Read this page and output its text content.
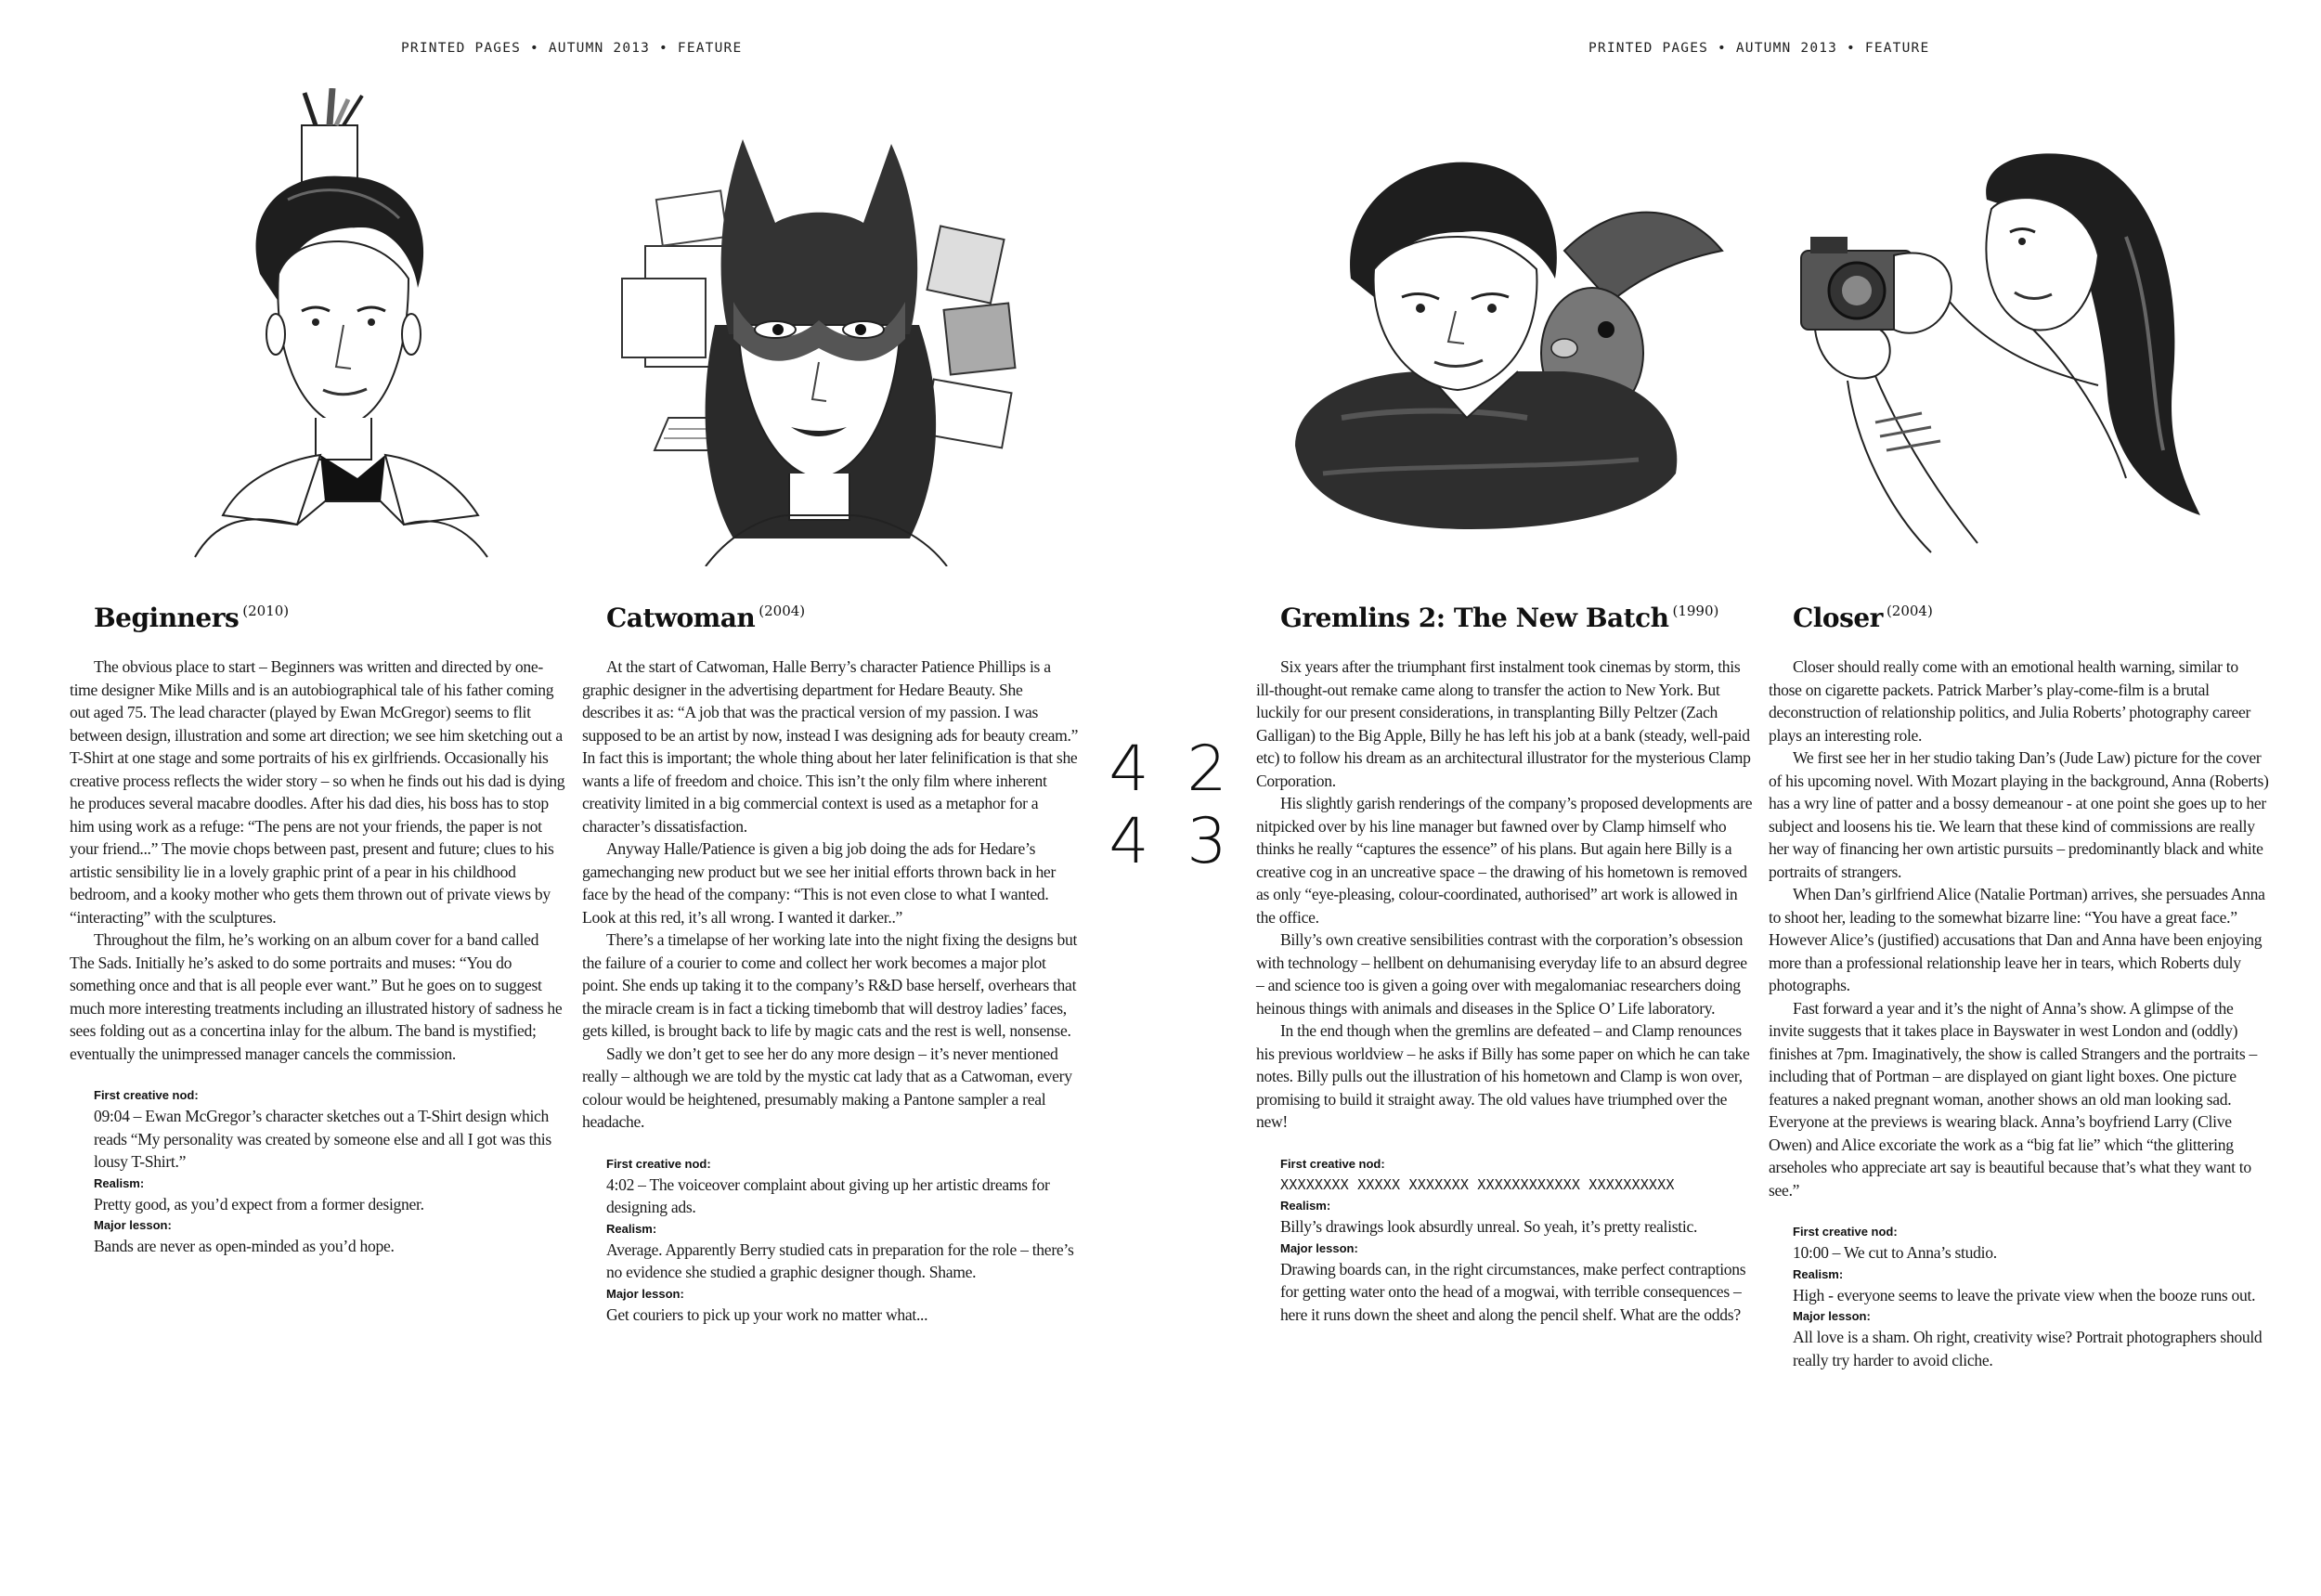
PRINTED PAGES • AUTUMN 2013 • FEATURE	PRINTED PAGES • AUTUMN 2013 • FEATURE
4 2
4 3
Beginners $^{(2010)}$

The obvious place to start – Beginners was written and directed by one-time designer Mike Mills and is an autobiographical tale of his father coming out aged 75. The lead character (played by Ewan McGregor) seems to flit between design, illustration and some art direction; we see him sketching out a T-Shirt at one stage and some portraits of his ex girlfriends. Occasionally his creative process reflects the wider story – so when he finds out his dad is dying he produces several macabre doodles. After his dad dies, his boss has to stop him using work as a refuge: “The pens are not your friends, the paper is not your friend...” The movie chops between past, present and future; clues to his artistic sensibility lie in a lovely graphic print of a pear in his childhood bedroom, and a kooky mother who gets them thrown out of private views by “interacting” with the sculptures.

Throughout the film, he’s working on an album cover for a band called The Sads. Initially he’s asked to do some portraits and muses: “You do something once and that is all people ever want.” But he goes on to suggest much more interesting treatments including an illustrated history of sadness he sees folding out as a concertina inlay for the album. The band is mystified; eventually the unimpressed manager cancels the commission.

First creative nod:
09:04 – Ewan McGregor’s character sketches out a T-Shirt design which reads “My personality was created by someone else and all I got was this lousy T-Shirt.”
Realism:
Pretty good, as you’d expect from a former designer.
Major lesson:
Bands are never as open-minded as you’d hope.
Catwoman $^{(2004)}$

At the start of Catwoman, Halle Berry’s character Patience Phillips is a graphic designer in the advertising department for Hedare Beauty. She describes it as: “A job that was the practical version of my passion. I was supposed to be an artist by now, instead I was designing ads for beauty cream.” In fact this is important; the whole thing about her later felinification is that she wants a life of freedom and choice. This isn’t the only film where inherent creativity limited in a big commercial context is used as a metaphor for a character’s dissatisfaction.

Anyway Halle/Patience is given a big job doing the ads for Hedare’s gamechanging new product but we see her initial efforts thrown back in her face by the head of the company: “This is not even close to what I wanted. Look at this red, it’s all wrong. I wanted it darker..”

There’s a timelapse of her working late into the night fixing the designs but the failure of a courier to come and collect her work becomes a major plot point. She ends up taking it to the company’s R&D base herself, overhears that the miracle cream is in fact a ticking timebomb that will destroy ladies’ faces, gets killed, is brought back to life by magic cats and the rest is well, nonsense.

Sadly we don’t get to see her do any more design – it’s never mentioned really – although we are told by the mystic cat lady that as a Catwoman, every colour would be heightened, presumably making a Pantone sampler a real headache.

First creative nod:
4:02 – The voiceover complaint about giving up her artistic dreams for designing ads.
Realism:
Average. Apparently Berry studied cats in preparation for the role – there’s no evidence she studied a graphic designer though. Shame.
Major lesson:
Get couriers to pick up your work no matter what...
Gremlins 2: The New Batch $^{(1990)}$

Six years after the triumphant first instalment took cinemas by storm, this ill-thought-out remake came along to transfer the action to New York. But luckily for our present considerations, in transplanting Billy Peltzer (Zach Galligan) to the Big Apple, Billy he has left his job at a bank (steady, well-paid etc) to follow his dream as an architectural illustrator for the mysterious Clamp Corporation.

His slightly garish renderings of the company’s proposed developments are nitpicked over by his line manager but fawned over by Clamp himself who thinks he really “captures the essence” of his plans. But again here Billy is a creative cog in an uncreative space – the drawing of his hometown is removed as only “eye-pleasing, colour-coordinated, authorised” art work is allowed in the office.

Billy’s own creative sensibilities contrast with the corporation’s obsession with technology – hellbent on dehumanising everyday life to an absurd degree – and science too is given a going over with megalomaniac researchers doing heinous things with animals and diseases in the Splice O’ Life laboratory.

In the end though when the gremlins are defeated – and Clamp renounces his previous worldview – he asks if Billy has some paper on which he can take notes. Billy pulls out the illustration of his hometown and Clamp is won over, promising to build it straight away. The old values have triumphed over the new!

First creative nod:
XXXXXXXX XXXXX XXXXXXX XXXXXXXXXXXX XXXXXXXXXX
Realism:
Billy’s drawings look absurdly unreal. So yeah, it’s pretty realistic.
Major lesson:
Drawing boards can, in the right circumstances, make perfect contraptions for getting water onto the head of a mogwai, with terrible consequences – here it runs down the sheet and along the pencil shelf. What are the odds?
Closer $^{(2004)}$

Closer should really come with an emotional health warning, similar to those on cigarette packets. Patrick Marber’s play-come-film is a brutal deconstruction of relationship politics, and Julia Roberts’ photography career plays an interesting role.

We first see her in her studio taking Dan’s (Jude Law) picture for the cover of his upcoming novel. With Mozart playing in the background, Anna (Roberts) has a wry line of patter and a bossy demeanour - at one point she goes up to her subject and loosens his tie. We learn that these kind of commissions are really her way of financing her own artistic pursuits – predominantly black and white portraits of strangers.

When Dan’s girlfriend Alice (Natalie Portman) arrives, she persuades Anna to shoot her, leading to the somewhat bizarre line: “You have a great face.” However Alice’s (justified) accusations that Dan and Anna have been enjoying more than a professional relationship leave her in tears, which Roberts duly photographs.

Fast forward a year and it’s the night of Anna’s show. A glimpse of the invite suggests that it takes place in Bayswater in west London and (oddly) finishes at 7pm. Imaginatively, the show is called Strangers and the portraits – including that of Portman – are displayed on giant light boxes. One picture features a naked pregnant woman, another shows an old man looking sad. Everyone at the previews is wearing black. Anna’s boyfriend Larry (Clive Owen) and Alice excoriate the work as a “big fat lie” which “the glittering arseholes who appreciate art say is beautiful because that’s what they want to see.”

First creative nod:
10:00 – We cut to Anna’s studio.
Realism:
High - everyone seems to leave the private view when the booze runs out.
Major lesson:
All love is a sham. Oh right, creativity wise? Portrait photographers should really try harder to avoid cliche.
